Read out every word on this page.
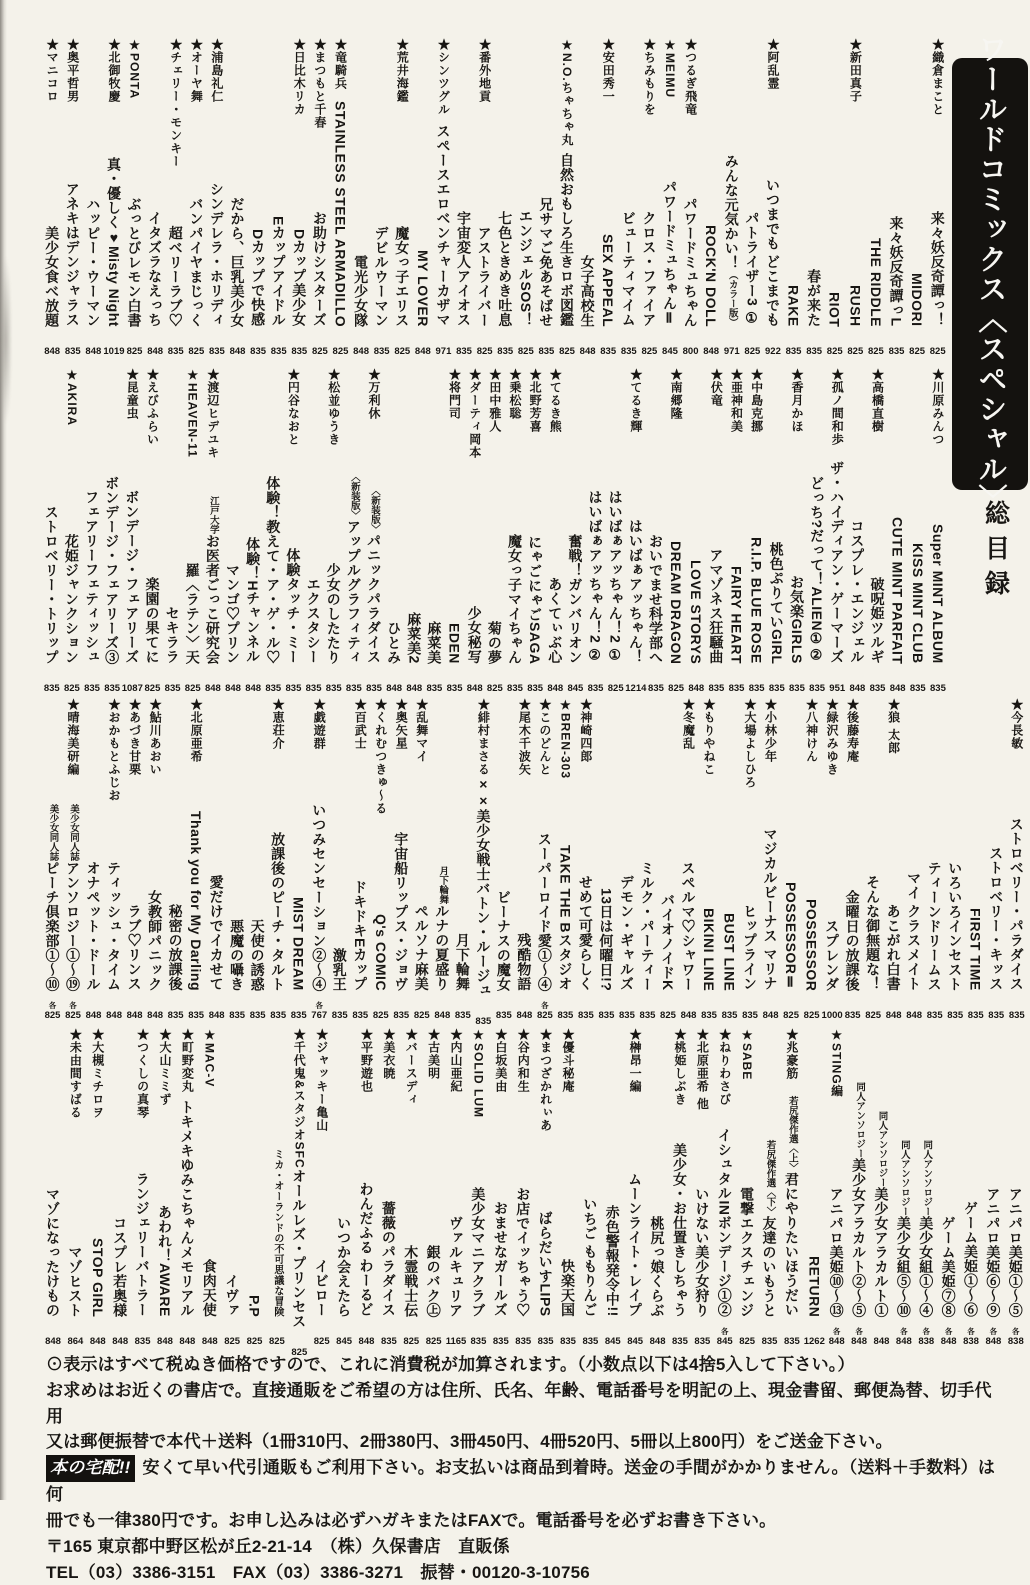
ワールドコミックス〈スペシャル〉
総目録
★織倉まこと
来々妖反奇譚っ！
825
MIDORI
825
来々妖反奇譚っL
835
THE RIDDLE
825
★新田真子
RUSH
825
RIOT
825
春が来た
835
RAKE
835
★阿乱霊
いつまでも どこまでも
922
パトライザー3 ①
825
みんな元気かい！（カラー版）
971
ROCK'N DOLL
848
★つるぎ飛竜
パワードミュちゃん
800
★MEIMU
パワードミュちゃんⅡ
845
★ちみもりを
クロス・ファイア
825
ビューティマイム
835
★安田秀一
SEX APPEAL
835
女子高校生
848
★N.O.ちゃちゃ丸
自然おもしろ生きロボ図鑑
825
兄サマご免あそばせ
835
エンジェルSOS！
825
七色ときめき吐息
835
★番外地貢
アストライバー
825
宇宙変人アイオス
835
★シンツグル
スペースエロベンチャーカザマ
971
MY LOVER
848
★荒井海鑑
魔女っ子エリス
825
デビルウーマン
835
電光少女隊
848
★竜騎兵
STAINLESS STEEL ARMADILLO
825
★まつもと千春
お助けシスターズ
825
★日比木リカ
Dカップ美少女
835
Eカップアイドル
835
Dカップで快感
835
だから、巨乳美少女
848
★浦島礼仁
シンデレラ・ホリディ
835
★オーヤ舞
バンパイヤまじっく
825
★チェリー・モンキー
超ベリーラブ♡
835
イタズラなえっち
848
★PONTA
ぶっとびレモン白書
825
★北御牧慶
真・優しく♥Misty Night
1019
ハッピー・ウーマン
848
★奥平哲男
アネキはデンジャラス
835
★マニコロ
美少女食べ放題
848
★川原みんつ
Super MINT ALBUM
835
KISS MINT CLUB
835
CUTE MINT PARFAIT
848
★高橋直樹
破呪姫ツルギ
835
コスプレ・エンジェル
848
★孤ノ間和歩
ザ・ハイディアン・ゲーマーズ
951
どっち?だって！ALIEN①②
835
★香月かほ
お気楽GIRLS
835
桃色ぷりていGIRL
835
★中島克挪
R.I.P. BLUE ROSE
835
★亜神和美
FAIRY HEART
835
★伏竜
アマゾネス狂騒曲
835
LOVE STORYS
848
★南郷隆
DREAM DRAGON
825
おいでませ科学部へ
835
★てるき輝
はいばぁアッちゃん！
1214
はいばぁアッちゃん！2 ①
825
はいばぁアッちゃん！2 ②
835
奮戦！ガンバリオン
845
★てるき熊
あくてぃぶ心
848
★北野芳喜
にゃごにゃごSAGA
835
★乗松聡
魔女っ子マイちゃん
835
★田中雅人
菊の夢
825
★ダーティ岡本
少女秘写
848
★将門司
EDEN
835
麻菜美
835
麻菜美2
848
ひとみ
848
★万利休
〈新装版〉パニックパラダイス
835
〈新装版〉アップルグラフィティ
835
★松並ゆうき
少女のしたたり
835
エクスタシー
835
★円谷なおと
体験タッチ・ミー
835
体験！教えて・ア・ゲ・ル♡
835
体験！Hチャンネル
848
マンゴ♡プリン
848
★渡辺ヒデユキ
江戸大学お医者ごっこ研究会
848
★HEAVEN-11
羅〈ラテン〉天
825
セキララ
835
★えびふらい
楽園の果てに
825
★昆童虫
ボンデージ・フェアリーズ
1087
ボンデージ・フェアリーズ③
835
フェアリーフェティッシュ
835
★AKIRA
花姫ジャンクション
825
ストロベリー・トリップ
835
★今長敏
ストロベリー・パラダイス
835
ストロベリー・キッス
835
FIRST TIME
835
いろいろインセスト
835
ティーンドリームス
835
マイ クラスメイト
848
★狼 太郎
あこがれ白書
848
そんな御無題な！
825
★後藤寿庵
金曜日の放課後
835
★緑沢みゆき
スプレンダ
1000
★八神けん
POSSESSOR
825
POSSESSORⅡ
825
★小林少年
マジカルビーナス マリナ
848
★大場よしひろ
ヒップライン
835
BUST LINE
835
★もりやねこ
BIKINI LINE
835
★冬魔乱
スペルマ♡シャワー
848
バイオノイドK
825
ミルク・パーティー
835
デモン・ギャルズ
835
13日は何曜日!?
835
★神崎四郎
せめて可愛らしく
835
★BREN-303
TAKE THE Bスタジオ
835
★このどんと
スーパーロイド愛①〜④
各
825
★尾木千波矢
残酷物語
848
ビーナスの魔女
835
★緋村まさる
××美少女戦士バトン・ルージュ
835
月下輪舞
835
月下輪舞ルナの夏盛り
848
★乱舞マイ
ペルソナ麻美
825
★奥矢星
宇宙船リップス・ジョヴ
835
★くれむつきゅ〜る
Q's COMIC
825
★百武士
ドキドキEカップ
835
激乳王
835
★戯遊群
いつみセンセーション②〜④
各
767
MIST DREAM
835
★恵荘介
放課後のピーチ・タルト
835
天使の誘惑
835
悪魔の囁き
835
愛だけでイカせて
848
★北原亜希
Thank you for My Darling
835
秘密の放課後
835
★鮎川あおい
女教師パニック
848
★あづき甘栗
ラブ♡リンス
848
★おかもとふじお
ティッシュ・タイム
848
オナペット・ドール
848
★晴海美研編
美少女同人誌アンソロジー①〜⑲
各
825
美少女同人誌ピーチ倶楽部①〜⑩
各
825
アニパロ美姫①〜⑤
各
838
アニパロ美姫⑥〜⑨
各
848
ゲーム美姫①〜⑥
各
838
ゲーム美姫⑦⑧
各
848
同人アンソロジー美少女組①〜④
各
838
同人アンソロジー美少女組⑤〜⑩
各
848
同人アンソロジー美少女アラカルト①
848
同人アンソロジー美少女アラカルト②〜⑤
各
848
★STING編
アニパロ美姫⑩〜⑬
各
848
RETURN
1262
★兆豪筋
若尻傑作選〈上〉君にやりたいほうだい
835
若尻傑作選〈下〉友達のいもうと
835
★SABE
電撃エクスチェンジ
825
★ねりわさび
イシュタルINボンデージ①②
各
845
★北原亜希 他
いけない美少女狩り
835
★桃姫しぶき
美少女・お仕置きしちゃう
835
桃尻っ娘くらぶ
848
★榊昂一編
ムーンライト・レイプ
845
赤色警報発令中!!
845
いちご ももりんご
835
★優斗秘庵
快楽天国
835
★まつざかれぃあ
ばらだいすLIPS
835
★谷内和生
お店でイッちゃう♡
835
★白坂美由
おませなガールズ
835
★SOLID LUM
美少女マニアクラブ
835
★内山亜紀
ヴァルキュリア
1165
★古美明
銀のバク㊤
825
★バースディ
木霊戦士伝
825
★美衣暁
薔薇のパラダイス
835
★平野遊也
わんだふる わーるど
848
いつか会えたら
845
★ジャッキー亀山
イビロー
825
★千代鬼&スタジオSFC
オールレズ・プリンセス
825
ミカ・オーランドの不可思議な冒険
825
P.P
825
イヴァ
825
★MAC-V
食肉天使
848
★町野変丸
トキメキゆみこちゃんメモリアル
848
★大山ミミず
あわれ！AWARE
848
★つくしの真琴
ランジェリーバトラー
835
コスプレ若奥様
848
★大槻ミチロヲ
STOP GIRL
848
★未由間すばる
マゾヒスト
864
マゾになったけもの
848

⊙表示はすべて税ぬき価格ですので、これに消費税が加算されます。（小数点以下は4捨5入して下さい。）

お求めはお近くの書店で。直接通販をご希望の方は住所、氏名、年齢、電話番号を明記の上、現金書留、郵便為替、切手代用

又は郵便振替で本代＋送料（1冊310円、2冊380円、3冊450円、4冊520円、5冊以上800円）をご送金下さい。

本の宅配!! 安くて早い代引通販もご利用下さい。お支払いは商品到着時。送金の手間がかかりません。（送料＋手数料）は何

冊でも一律380円です。お申し込みは必ずハガキまたはFAXで。電話番号を必ずお書き下さい。

〒165 東京都中野区松が丘2-21-14　（株）久保書店　直販係

TEL（03）3386-3151　FAX（03）3386-3271　振替・00120-3-10756
